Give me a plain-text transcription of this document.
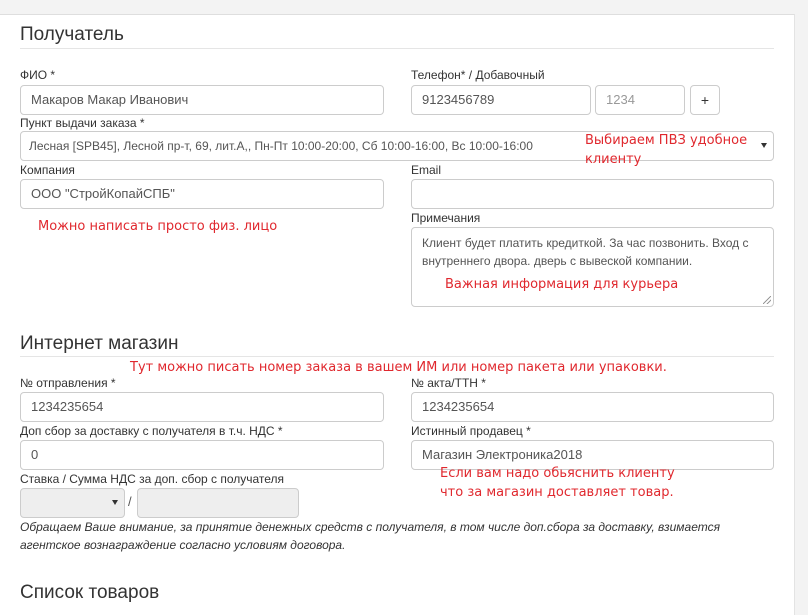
Получатель
ФИО *
Макаров Макар Иванович
Телефон* / Добавочный
9123456789	1234	+
Пункт выдачи заказа *
Лесная [SPB45], Лесной пр-т, 69, лит.А,, Пн-Пт 10:00-20:00, Сб 10:00-16:00, Вс 10:00-16:00
Компания
ООО "СтройКопайСПБ"
Email
Примечания
Клиент будет платить кредиткой. За час позвонить. Вход с внутреннего двора. дверь с вывеской компании.
Выбираем ПВЗ удобное
клиенту
Можно написать просто физ. лицо
Важная информация для курьера
Интернет магазин
Тут можно писать номер заказа в вашем ИМ или номер пакета или упаковки.
№ отправления *
1234235654
№ акта/ТТН *
1234235654
Доп сбор за доставку с получателя в т.ч. НДС *
0
Истинный продавец *
Магазин Электроника2018
Если вам надо обьяснить клиенту
что за магазин доставляет товар.
Ставка / Сумма НДС за доп. сбор с получателя
/
Обращаем Ваше внимание, за принятие денежных средств с получателя, в том числе доп.сбора за доставку, взимается агентское вознаграждение согласно условиям договора.
Список товаров
